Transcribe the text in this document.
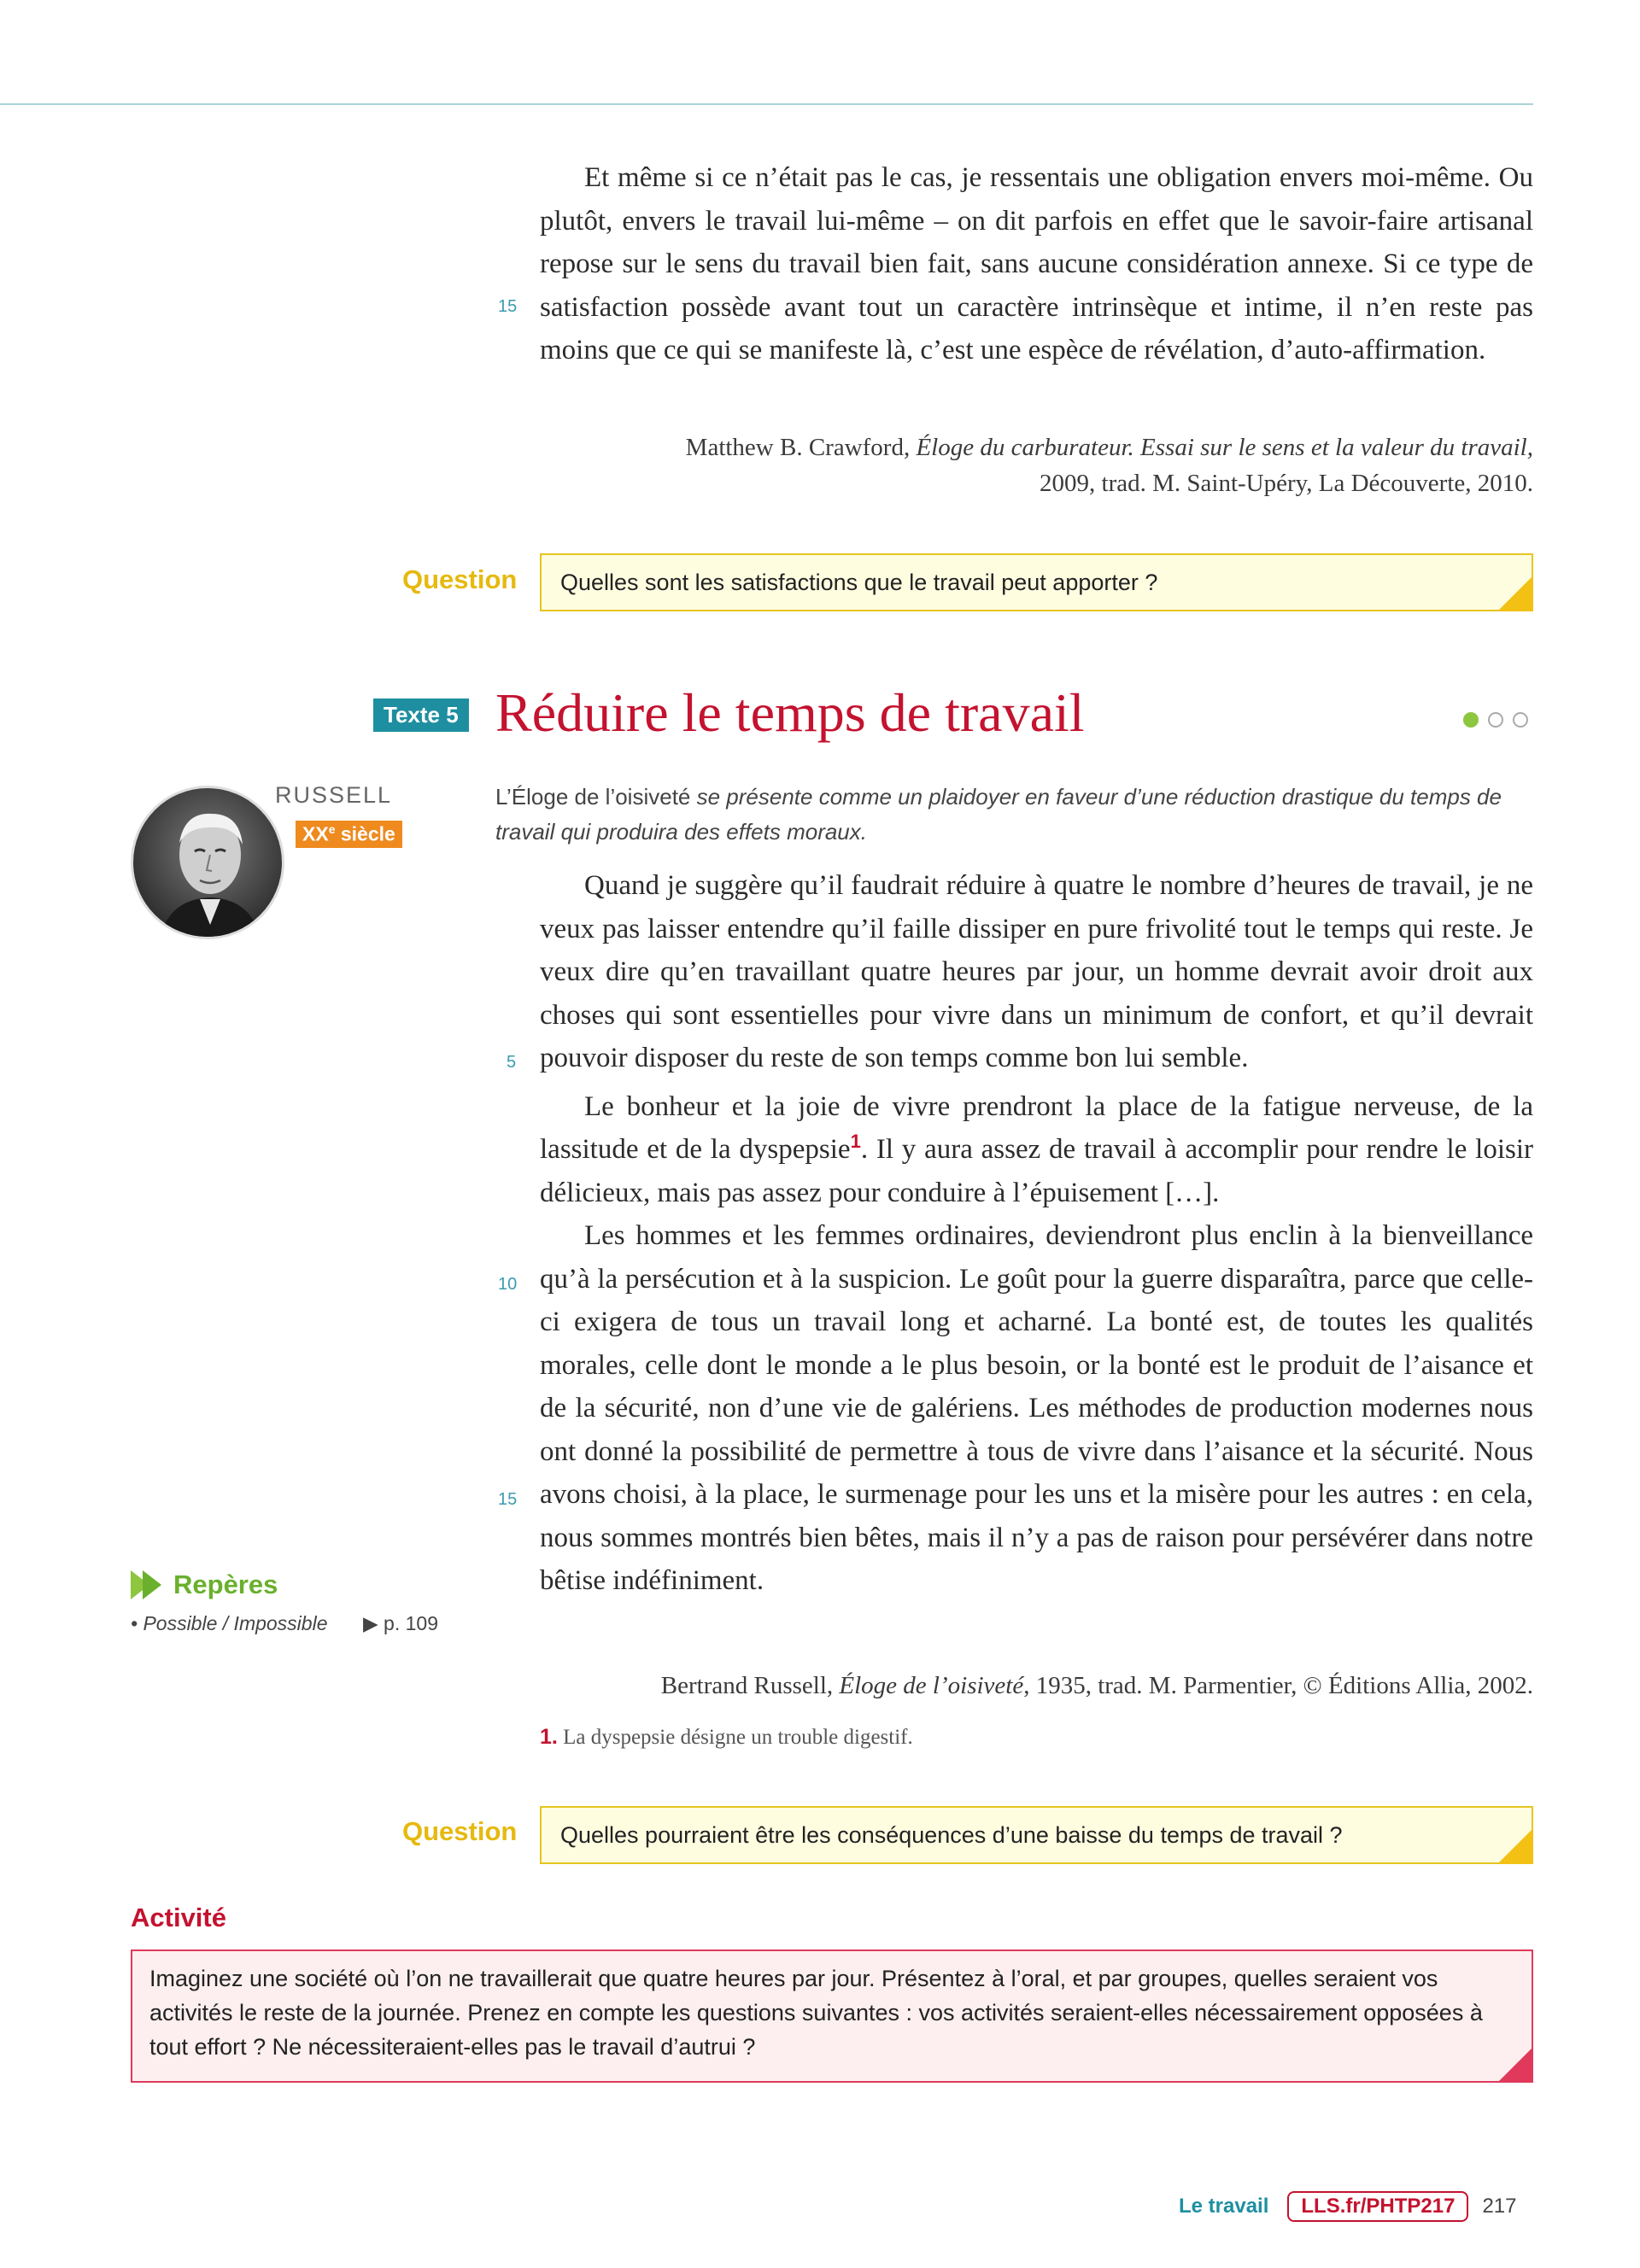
Et même si ce n’était pas le cas, je ressentais une obligation envers moi-même. Ou plutôt, envers le travail lui-même – on dit parfois en effet que le savoir-faire artisanal repose sur le sens du travail bien fait, sans aucune considération annexe. Si ce type de satisfaction possède avant tout un caractère intrinsèque et intime, il n’en reste pas moins que ce qui se manifeste là, c’est une espèce de révélation, d’auto-affirmation.

15
Matthew B. Crawford, Éloge du carburateur. Essai sur le sens et la valeur du travail,
2009, trad. M. Saint-Upéry, La Découverte, 2010.
Question Quelles sont les satisfactions que le travail peut apporter ?
Texte 5 Réduire le temps de travail
RUSSELL
XXe siècle
L’Éloge de l’oisiveté se présente comme un plaidoyer en faveur d’une réduction drastique du temps de travail qui produira des effets moraux.

Quand je suggère qu’il faudrait réduire à quatre le nombre d’heures de travail, je ne veux pas laisser entendre qu’il faille dissiper en pure frivolité tout le temps qui reste. Je veux dire qu’en travaillant quatre heures par jour, un homme devrait avoir droit aux choses qui sont essentielles pour vivre dans un minimum de confort, et qu’il devrait pouvoir disposer du reste de son temps comme bon lui semble.

Le bonheur et la joie de vivre prendront la place de la fatigue nerveuse, de la lassitude et de la dyspepsie$^1$. Il y aura assez de travail à accomplir pour rendre le loisir délicieux, mais pas assez pour conduire à l’épuisement […].

Les hommes et les femmes ordinaires, deviendront plus enclin à la bienveillance qu’à la persécution et à la suspicion. Le goût pour la guerre disparaîtra, parce que celle-ci exigera de tous un travail long et acharné. La bonté est, de toutes les qualités morales, celle dont le monde a le plus besoin, or la bonté est le produit de l’aisance et de la sécurité, non d’une vie de galériens. Les méthodes de production modernes nous ont donné la possibilité de permettre à tous de vivre dans l’aisance et la sécurité. Nous avons choisi, à la place, le surmenage pour les uns et la misère pour les autres : en cela, nous sommes montrés bien bêtes, mais il n’y a pas de raison pour persévérer dans notre bêtise indéfiniment.

5
10
15
Bertrand Russell, Éloge de l’oisiveté, 1935, trad. M. Parmentier, © Éditions Allia, 2002.
1. La dyspepsie désigne un trouble digestif.
Repères
• Possible / Impossible ▶ p. 109
Question Quelles pourraient être les conséquences d’une baisse du temps de travail ?
Activité
Imaginez une société où l’on ne travaillerait que quatre heures par jour. Présentez à l’oral, et par groupes, quelles seraient vos activités le reste de la journée. Prenez en compte les questions suivantes : vos activités seraient-elles nécessairement opposées à tout effort ? Ne nécessiteraient-elles pas le travail d’autrui ?
Le travail	LLS.fr/PHTP217	217
